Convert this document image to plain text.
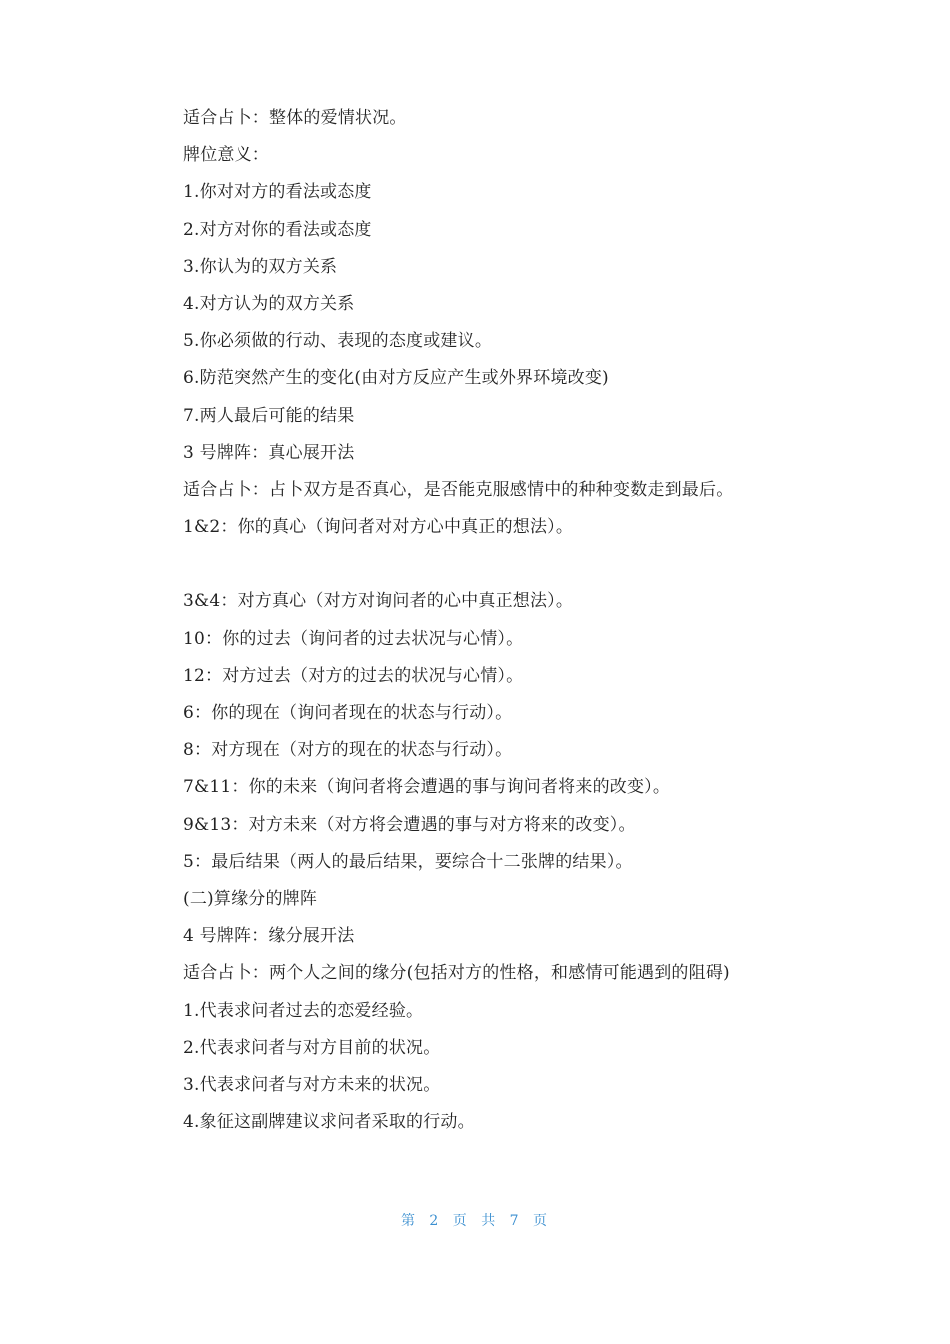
适合占卜：整体的爱情状况。
牌位意义：
1.你对对方的看法或态度
2.对方对你的看法或态度
3.你认为的双方关系
4.对方认为的双方关系
5.你必须做的行动、表现的态度或建议。
6.防范突然产生的变化(由对方反应产生或外界环境改变)
7.两人最后可能的结果
3 号牌阵：真心展开法
适合占卜：占卜双方是否真心，是否能克服感情中的种种变数走到最后。
1&2：你的真心（询问者对对方心中真正的想法）。
3&4：对方真心（对方对询问者的心中真正想法）。
10：你的过去（询问者的过去状况与心情）。
12：对方过去（对方的过去的状况与心情）。
6：你的现在（询问者现在的状态与行动）。
8：对方现在（对方的现在的状态与行动）。
7&11：你的未来（询问者将会遭遇的事与询问者将来的改变）。
9&13：对方未来（对方将会遭遇的事与对方将来的改变）。
5：最后结果（两人的最后结果，要综合十二张牌的结果）。
(二)算缘分的牌阵
4 号牌阵：缘分展开法
适合占卜：两个人之间的缘分(包括对方的性格，和感情可能遇到的阻碍)
1.代表求问者过去的恋爱经验。
2.代表求问者与对方目前的状况。
3.代表求问者与对方未来的状况。
4.象征这副牌建议求问者采取的行动。
第 2 页 共 7 页
